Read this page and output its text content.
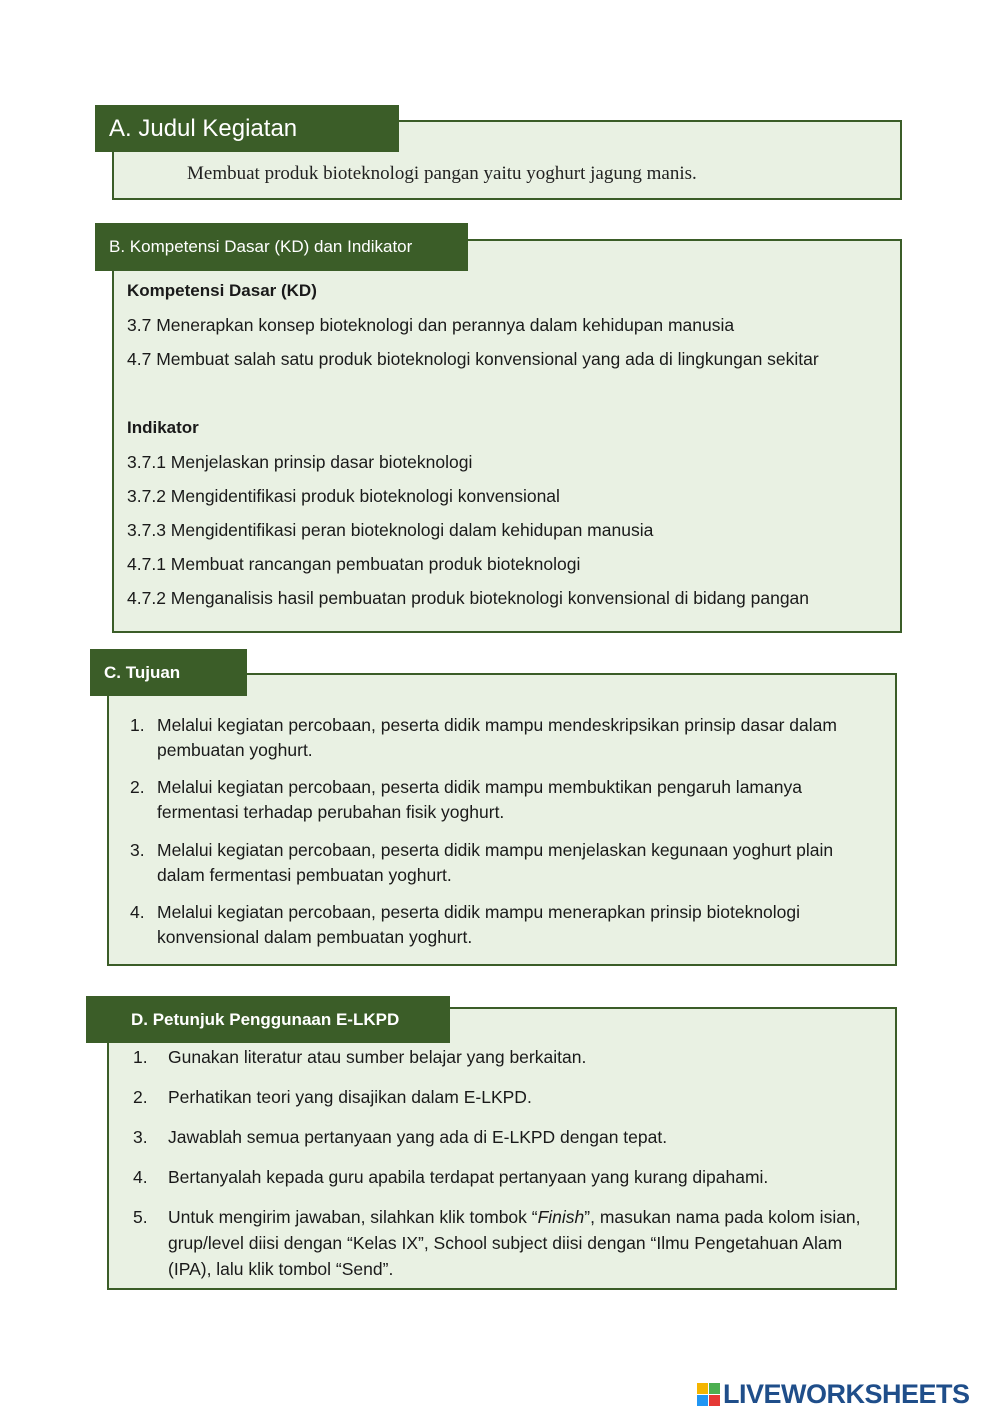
A. Judul Kegiatan
Membuat produk bioteknologi pangan yaitu yoghurt jagung manis.
B. Kompetensi Dasar (KD) dan Indikator
Kompetensi Dasar (KD)
3.7 Menerapkan konsep bioteknologi dan perannya dalam kehidupan manusia
4.7 Membuat salah satu produk bioteknologi konvensional yang ada di lingkungan sekitar
Indikator
3.7.1 Menjelaskan prinsip dasar bioteknologi
3.7.2 Mengidentifikasi produk bioteknologi konvensional
3.7.3 Mengidentifikasi peran bioteknologi dalam kehidupan manusia
4.7.1 Membuat rancangan pembuatan produk bioteknologi
4.7.2 Menganalisis hasil pembuatan produk bioteknologi konvensional di bidang pangan
C. Tujuan
1. Melalui kegiatan percobaan, peserta didik mampu mendeskripsikan prinsip dasar dalam pembuatan yoghurt.
2. Melalui kegiatan percobaan, peserta didik mampu membuktikan pengaruh lamanya fermentasi terhadap perubahan fisik yoghurt.
3. Melalui kegiatan percobaan, peserta didik mampu menjelaskan kegunaan yoghurt plain dalam fermentasi pembuatan yoghurt.
4. Melalui kegiatan percobaan, peserta didik mampu menerapkan prinsip bioteknologi konvensional dalam pembuatan yoghurt.
D. Petunjuk Penggunaan E-LKPD
1.	Gunakan literatur atau sumber belajar yang berkaitan.
2.	Perhatikan teori yang disajikan dalam E-LKPD.
3.	Jawablah semua pertanyaan yang ada di E-LKPD dengan tepat.
4.	Bertanyalah kepada guru apabila terdapat pertanyaan yang kurang dipahami.
5.	Untuk mengirim jawaban, silahkan klik tombok “Finish”, masukan nama pada kolom isian, grup/level diisi dengan “Kelas IX”, School subject diisi dengan “Ilmu Pengetahuan Alam (IPA), lalu klik tombol “Send”.
LIVEWORKSHEETS
